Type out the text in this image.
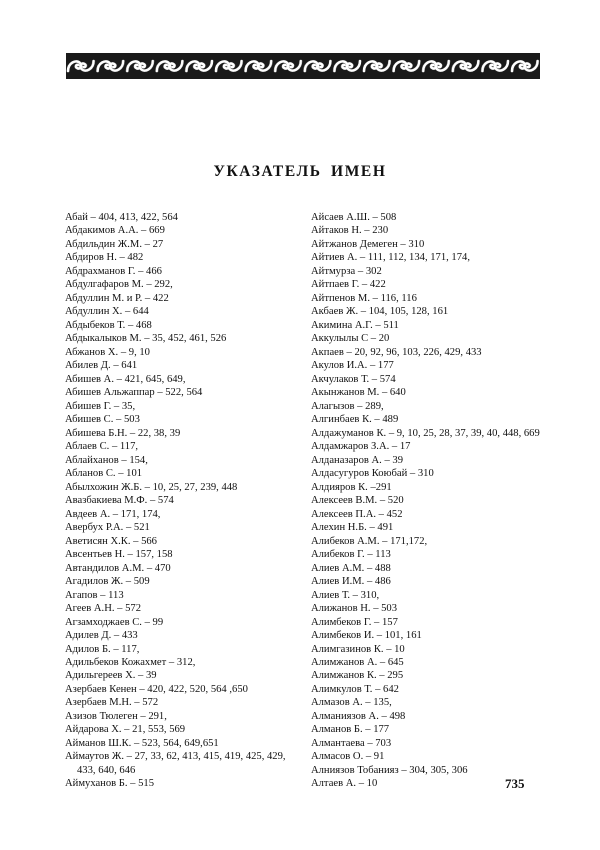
УКАЗАТЕЛЬ ИМЕН
Абай – 404, 413, 422, 564
Абдакимов А.А. – 669
Абдильдин Ж.М. – 27
Абдиров Н. – 482
Абдрахманов Г. – 466
Абдулгафаров М. – 292,
Абдуллин М. и Р. – 422
Абдуллин Х. – 644
Абдыбеков Т. – 468
Абдыкалыков М. – 35, 452, 461, 526
Абжанов Х. – 9, 10
Абилев Д. – 641
Абишев А. – 421, 645, 649,
Абишев Альжаппар – 522, 564
Абишев Г. – 35,
Абишев С. – 503
Абишева Б.Н. – 22, 38, 39
Аблаев С. – 117,
Аблайханов – 154,
Абланов С. – 101
Абылхожин Ж.Б. – 10, 25, 27, 239, 448
Авазбакиева М.Ф. – 574
Авдеев А. – 171, 174,
Авербух Р.А. – 521
Аветисян Х.К. – 566
Авсентьев Н. – 157, 158
Автандилов А.М. – 470
Агадилов Ж. – 509
Агапов – 113
Агеев А.Н. – 572
Агзамходжаев С. – 99
Адилев Д. – 433
Адилов Б. – 117,
Адильбеков Кожахмет – 312,
Адильгереев Х. – 39
Азербаев Кенен – 420, 422, 520, 564 ,650
Азербаев М.Н. – 572
Азизов Тюлеген – 291,
Айдарова Х. – 21, 553, 569
Айманов Ш.К. – 523, 564, 649,651
Аймаутов Ж. – 27, 33, 62, 413, 415, 419, 425, 429, 433, 640, 646
Аймуханов Б. – 515
Айсаев А.Ш. – 508
Айтаков Н. – 230
Айтжанов Демеген – 310
Айтиев А. – 111, 112, 134, 171, 174,
Айтмурза – 302
Айтпаев Г. – 422
Айтпенов М. – 116, 116
Акбаев Ж. – 104, 105, 128, 161
Акимина А.Г. – 511
Аккулылы С – 20
Акпаев – 20, 92, 96, 103, 226, 429, 433
Акулов И.А. – 177
Акчулаков Т. – 574
Акынжанов М. – 640
Алагызов – 289,
Алгинбаев К. – 489
Алдажуманов К. – 9, 10, 25, 28, 37, 39, 40, 448, 669
Алдамжаров З.А. – 17
Алданазаров А. – 39
Алдасугуров Коюбай – 310
Алдияров К. –291
Алексеев В.М. – 520
Алексеев П.А. – 452
Алехин Н.Б. – 491
Алибеков А.М. – 171,172,
Алибеков Г. – 113
Алиев А.М. – 488
Алиев И.М. – 486
Алиев Т. – 310,
Алижанов Н. – 503
Алимбеков Г. – 157
Алимбеков И. – 101, 161
Алимгазинов К. – 10
Алимжанов А. – 645
Алимжанов К. – 295
Алимкулов Т. – 642
Алмазов А. – 135,
Алманиязов А. – 498
Алманов Б. – 177
Алмантаева – 703
Алмасов О. – 91
Алниязов Тобанияз – 304, 305, 306
Алтаев А. – 10	735
